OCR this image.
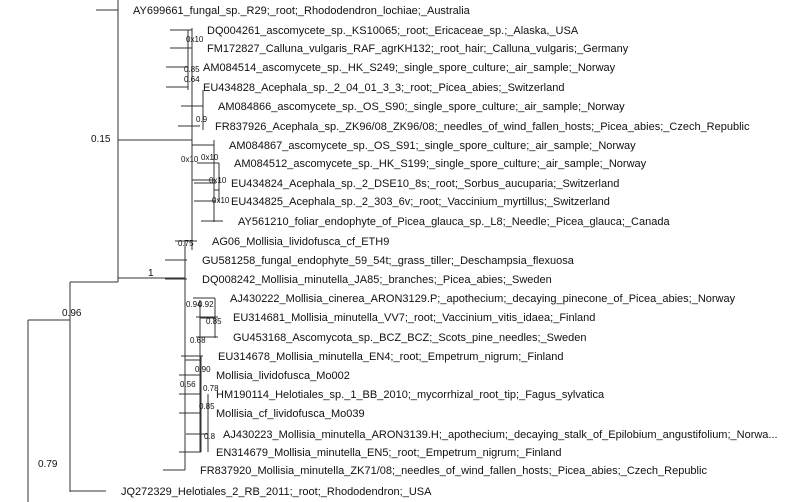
AY699661_fungal_sp._R29;_root;_Rhododendron_lochiae;_Australia
DQ004261_ascomycete_sp._KS10065;_root;_Ericaceae_sp.;_Alaska,_USA
FM172827_Calluna_vulgaris_RAF_agrKH132;_root_hair;_Calluna_vulgaris;_Germany
AM084514_ascomycete_sp._HK_S249;_single_spore_culture;_air_sample;_Norway
EU434828_Acephala_sp._2_04_01_3_3;_root;_Picea_abies;_Switzerland
AM084866_ascomycete_sp._OS_S90;_single_spore_culture;_air_sample;_Norway
FR837926_Acephala_sp._ZK96/08_ZK96/08;_needles_of_wind_fallen_hosts;_Picea_abies;_Czech_Republic
AM084867_ascomycete_sp._OS_S91;_single_spore_culture;_air_sample;_Norway
AM084512_ascomycete_sp._HK_S199;_single_spore_culture;_air_sample;_Norway
EU434824_Acephala_sp._2_DSE10_8s;_root;_Sorbus_aucuparia;_Switzerland
EU434825_Acephala_sp._2_303_6v;_root;_Vaccinium_myrtillus;_Switzerland
AY561210_foliar_endophyte_of_Picea_glauca_sp._L8;_Needle;_Picea_glauca;_Canada
AG06_Mollisia_lividofusca_cf_ETH9
GU581258_fungal_endophyte_59_54t;_grass_tiller;_Deschampsia_flexuosa
DQ008242_Mollisia_minutella_JA85;_branches;_Picea_abies;_Sweden
AJ430222_Mollisia_cinerea_ARON3129.P;_apothecium;_decaying_pinecone_of_Picea_abies;_Norway
EU314681_Mollisia_minutella_VV7;_root;_Vaccinium_vitis_idaea;_Finland
GU453168_Ascomycota_sp._BCZ_BCZ;_Scots_pine_needles;_Sweden
EU314678_Mollisia_minutella_EN4;_root;_Empetrum_nigrum;_Finland
Mollisia_lividofusca_Mo002
HM190114_Helotiales_sp._1_BB_2010;_mycorrhizal_root_tip;_Fagus_sylvatica
Mollisia_cf_lividofusca_Mo039
AJ430223_Mollisia_minutella_ARON3139.H;_apothecium;_decaying_stalk_of_Epilobium_angustifolium;_Norwa...
EN314679_Mollisia_minutella_EN5;_root;_Empetrum_nigrum;_Finland
FR837920_Mollisia_minutella_ZK71/08;_needles_of_wind_fallen_hosts;_Picea_abies;_Czech_Republic
JQ272329_Helotiales_2_RB_2011;_root;_Rhododendron;_USA
0.15
1
0.96
0.79
0x10
0.85
0.64
0.9
0x10 0x10
0x10
0x10
0.75
0.94
0.92
0.85
0.68
0.90
0.56 0.78
0.85
0.8
